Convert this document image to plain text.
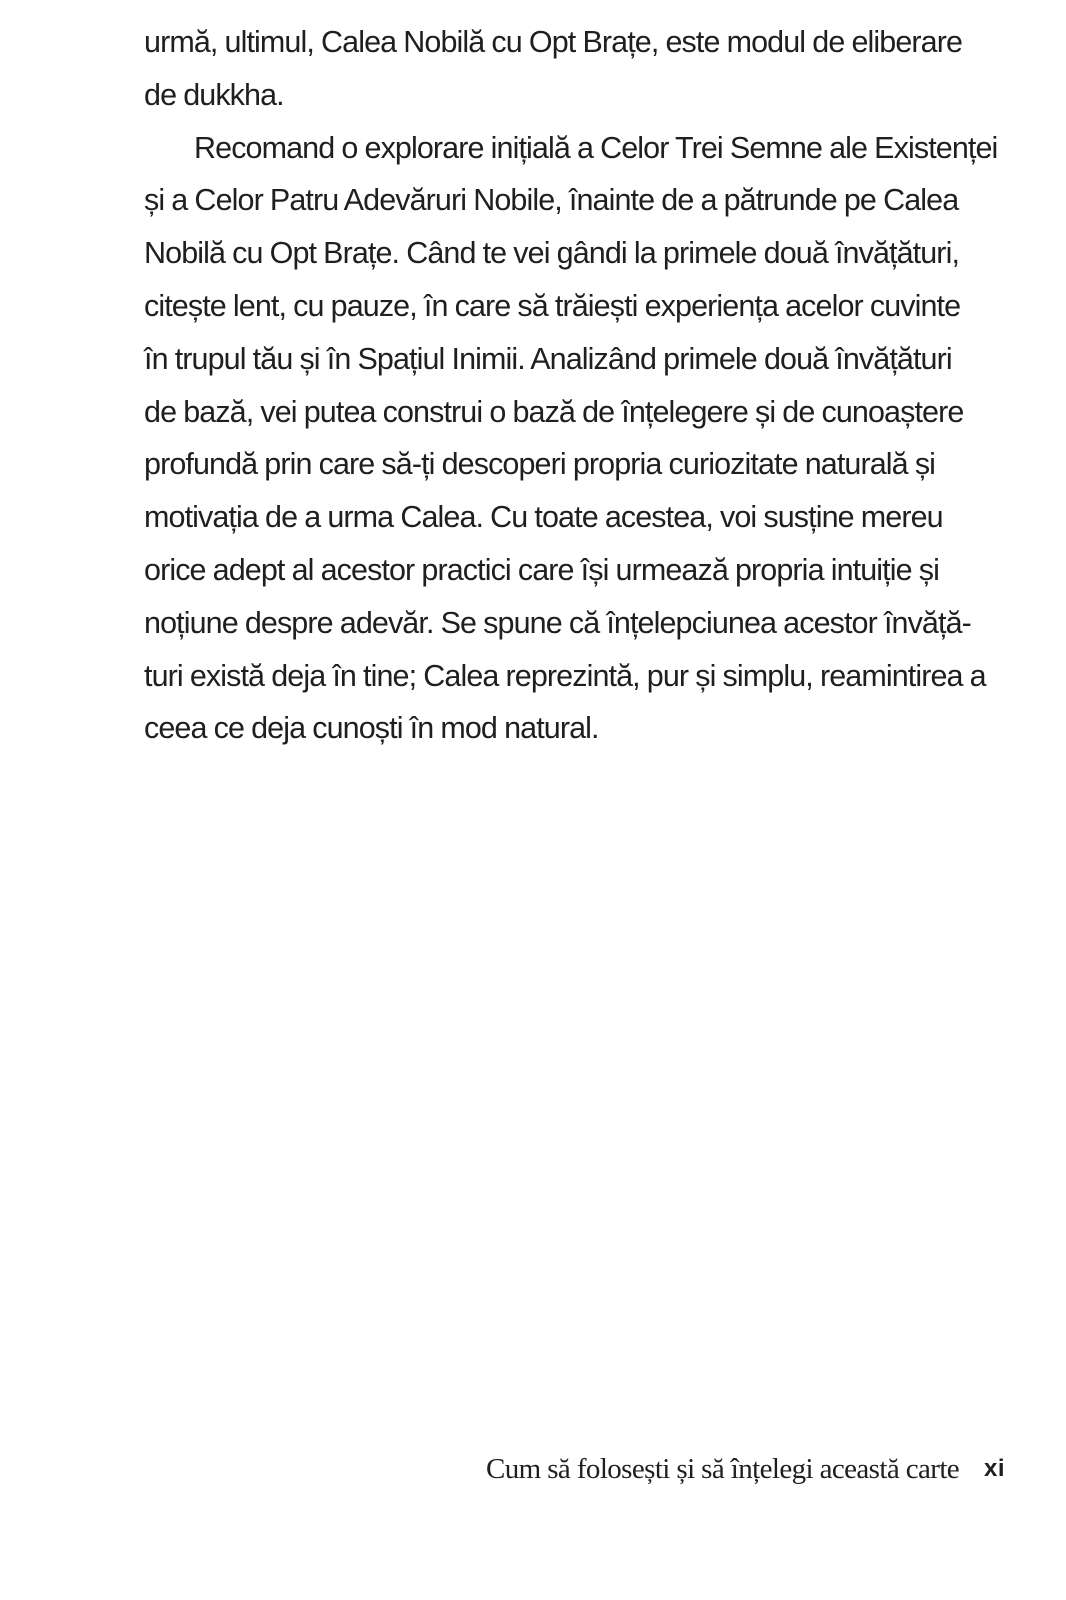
urmă, ultimul, Calea Nobilă cu Opt Brațe, este modul de eliberare
de dukkha.
Recomand o explorare inițială a Celor Trei Semne ale Existenței
și a Celor Patru Adevăruri Nobile, înainte de a pătrunde pe Calea
Nobilă cu Opt Brațe. Când te vei gândi la primele două învățături,
citește lent, cu pauze, în care să trăiești experiența acelor cuvinte
în trupul tău și în Spațiul Inimii. Analizând primele două învățături
de bază, vei putea construi o bază de înțelegere și de cunoaștere
profundă prin care să-ți descoperi propria curiozitate naturală și
motivația de a urma Calea. Cu toate acestea, voi susține mereu
orice adept al acestor practici care își urmează propria intuiție și
noțiune despre adevăr. Se spune că înțelepciunea acestor învăță-
turi există deja în tine; Calea reprezintă, pur și simplu, reamintirea a
ceea ce deja cunoști în mod natural.
Cum să folosești și să înțelegi această carte xi
